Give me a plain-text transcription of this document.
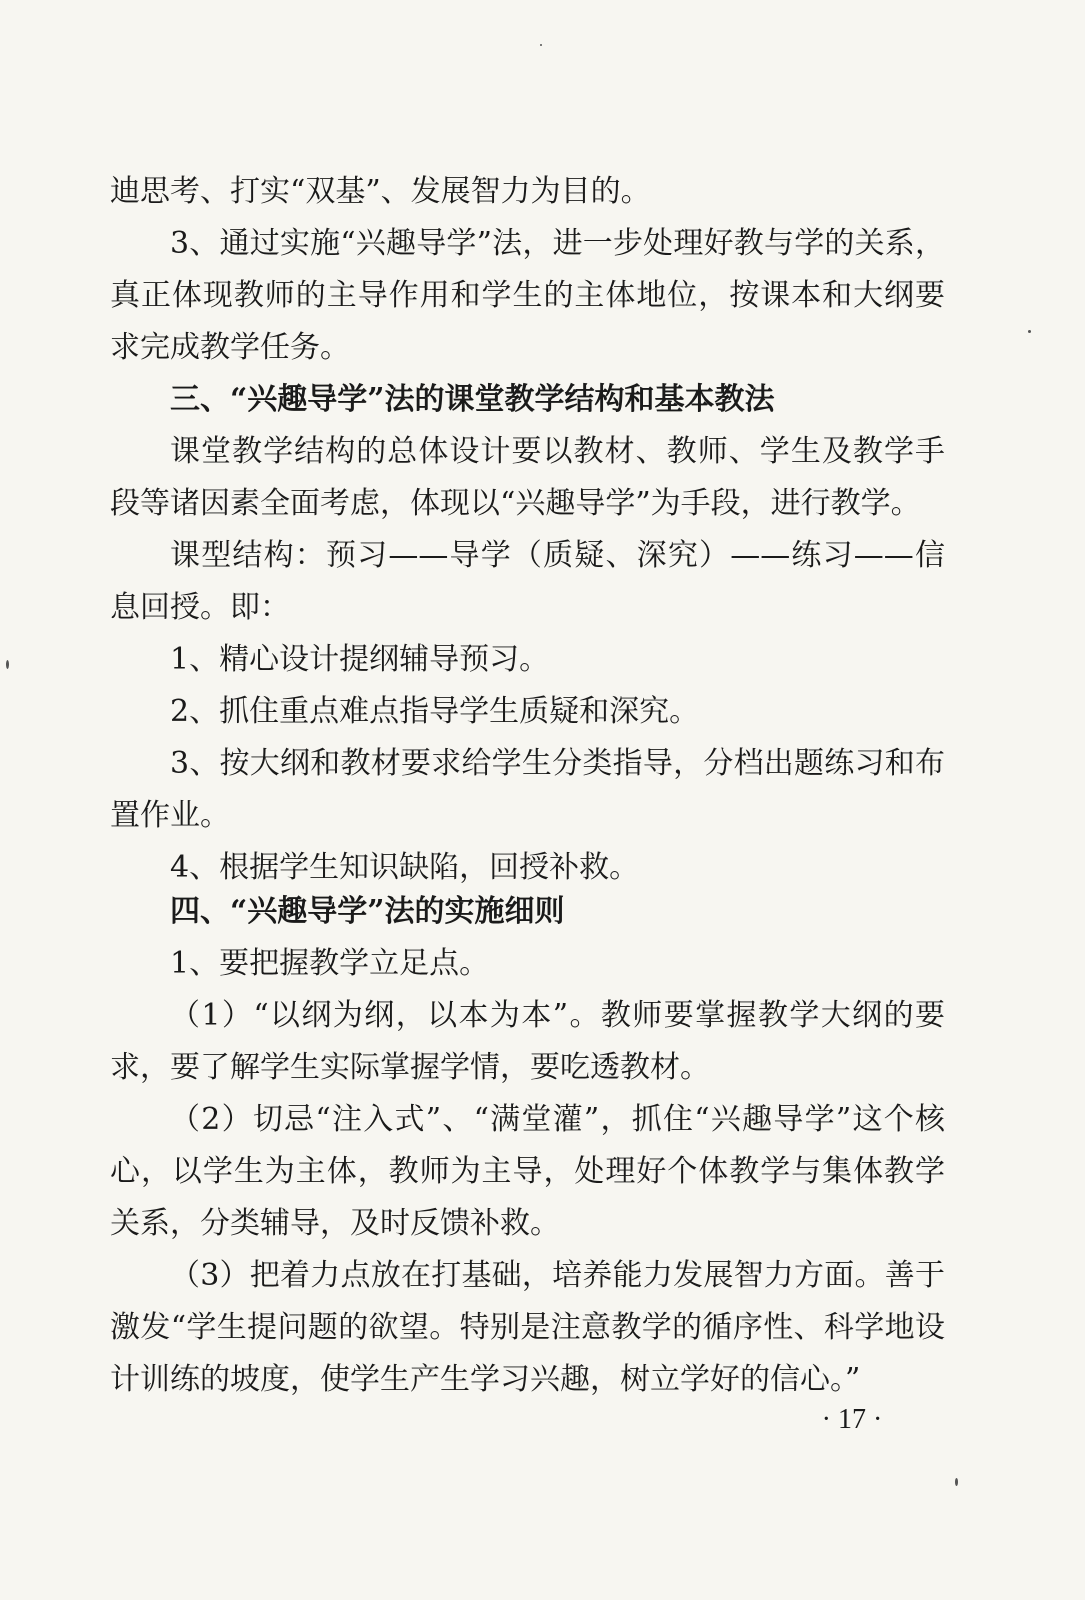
迪思考、打实“双基”、发展智力为目的。

3、通过实施“兴趣导学”法，进一步处理好教与学的关系，真正体现教师的主导作用和学生的主体地位，按课本和大纲要求完成教学任务。

三、“兴趣导学”法的课堂教学结构和基本教法

课堂教学结构的总体设计要以教材、教师、学生及教学手段等诸因素全面考虑，体现以“兴趣导学”为手段，进行教学。

课型结构：预习——导学（质疑、深究）——练习——信息回授。即：

1、精心设计提纲辅导预习。

2、抓住重点难点指导学生质疑和深究。

3、按大纲和教材要求给学生分类指导，分档出题练习和布置作业。

4、根据学生知识缺陷，回授补救。

四、“兴趣导学”法的实施细则

1、要把握教学立足点。

（1）“以纲为纲，以本为本”。教师要掌握教学大纲的要求，要了解学生实际掌握学情，要吃透教材。

（2）切忌“注入式”、“满堂灌”，抓住“兴趣导学”这个核心，以学生为主体，教师为主导，处理好个体教学与集体教学关系，分类辅导，及时反馈补救。

（3）把着力点放在打基础，培养能力发展智力方面。善于激发“学生提问题的欲望。特别是注意教学的循序性、科学地设计训练的坡度，使学生产生学习兴趣，树立学好的信心。”

· 17 ·
